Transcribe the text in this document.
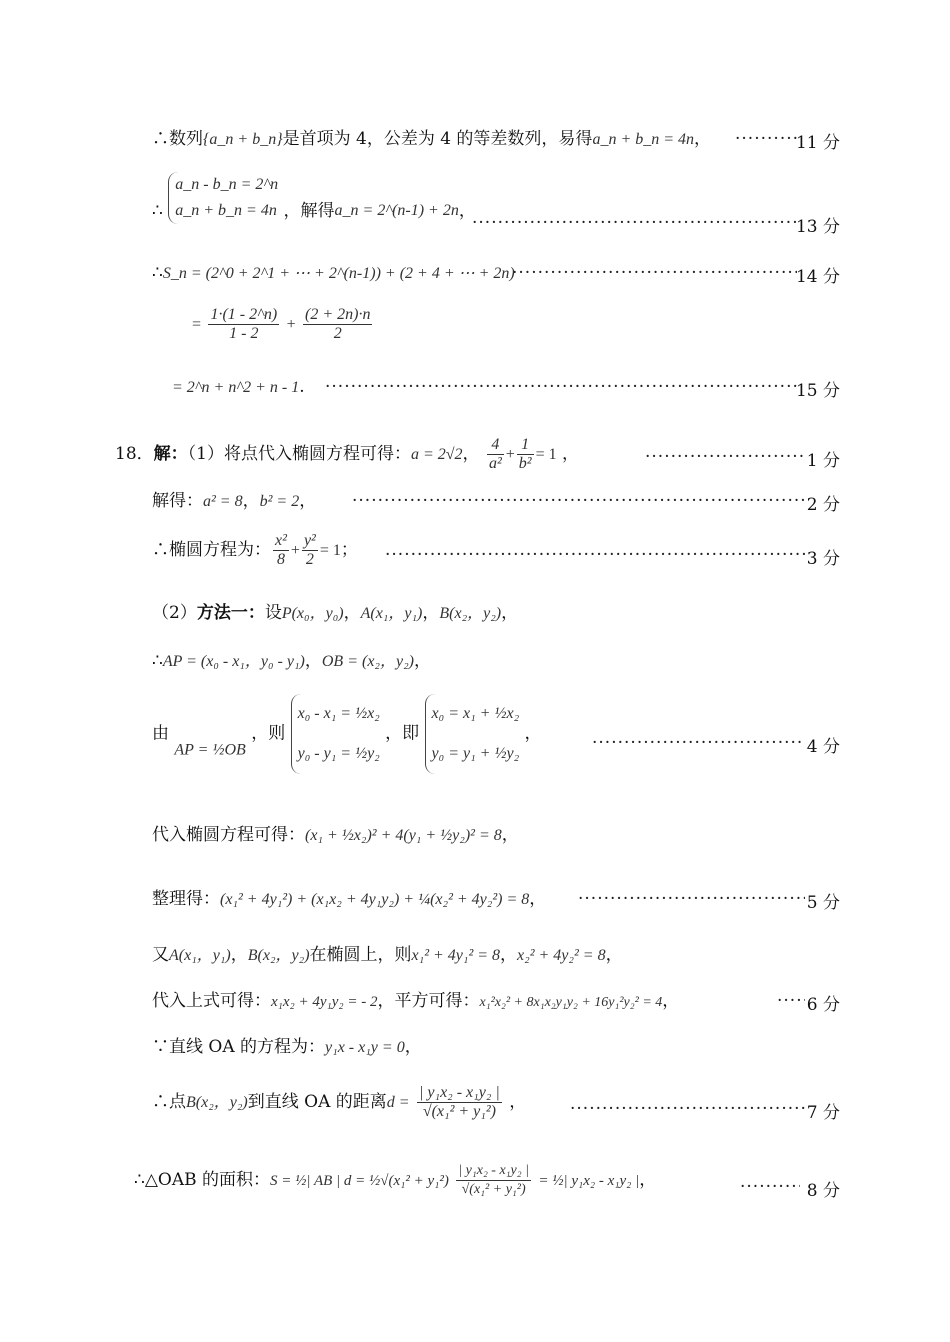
∴数列{a_n + b_n}是首项为 4，公差为 4 的等差数列，易得a_n + b_n = 4n， ·····	11 分
∴
a_n - b_n = 2^n
a_n + b_n = 4n ，解得a_n = 2^(n-1) + 2n，
·····
13 分
∴S_n = (2^0 + 2^1 + ⋯ + 2^(n-1)) + (2 + 4 + ⋯ + 2n) ·····	14 分
= $\frac{1\cdot(1 - 2\^{}n)}{1 - 2} + \frac{(2 + 2n)\cdot n}{2}$
= 2^n + n^2 + n - 1. ·····	15 分
18．解：（1）将点代入椭圆方程可得：a = 2√2， $\frac{4}{\text{a²}} + \frac{1}{\text{b²}} = 1$ ， ·····	1 分
解得：a² = 8，b² = 2， ·····	2 分
∴椭圆方程为： $\frac{\text{x²}}{8} + \frac{\text{y²}}{2} = 1$； ·····	3 分
（2）方法一：设P(x₀，y₀)，A(x₁，y₁)，B(x₂，y₂)，
∴AP = (x₀ - x₁，y₀ - y₁)，OB = (x₂，y₂)，
由 AP = ½OB ，则
x₀ - x₁ = ½x₂
y₀ - y₁ = ½y₂
，即
x₀ = x₁ + ½x₂
y₀ = y₁ + ½y₂
，
·····
4 分
代入椭圆方程可得：(x₁ + ½x₂)² + 4(y₁ + ½y₂)² = 8，
整理得：(x₁² + 4y₁²) + (x₁x₂ + 4y₁y₂) + ¼(x₂² + 4y₂²) = 8， ·····	5 分
又A(x₁，y₁)，B(x₂，y₂)在椭圆上，则x₁² + 4y₁² = 8，x₂² + 4y₂² = 8，
代入上式可得：x₁x₂ + 4y₁y₂ = - 2，平方可得：x₁²x₂² + 8x₁x₂y₁y₂ + 16y₁²y₂² = 4， ·····	6 分
∵直线 OA 的方程为：y₁x - x₁y = 0，
∴点B(x₂，y₂)到直线 OA 的距离$d = \frac{\text{| y₁x₂ - x₁y₂ |}}{\text{√(x₁² + y₁²)}}$ ，
·····
7 分
∴△OAB 的面积：S = ½| AB | d = ½√(x₁² + $y_1^2) \frac{\text{| y₁x₂ - x₁y₂ |}}{\text{√(x₁² + y₁²)}}$ = ½| y₁x₂ - x₁y₂ |，
·····
8 分
